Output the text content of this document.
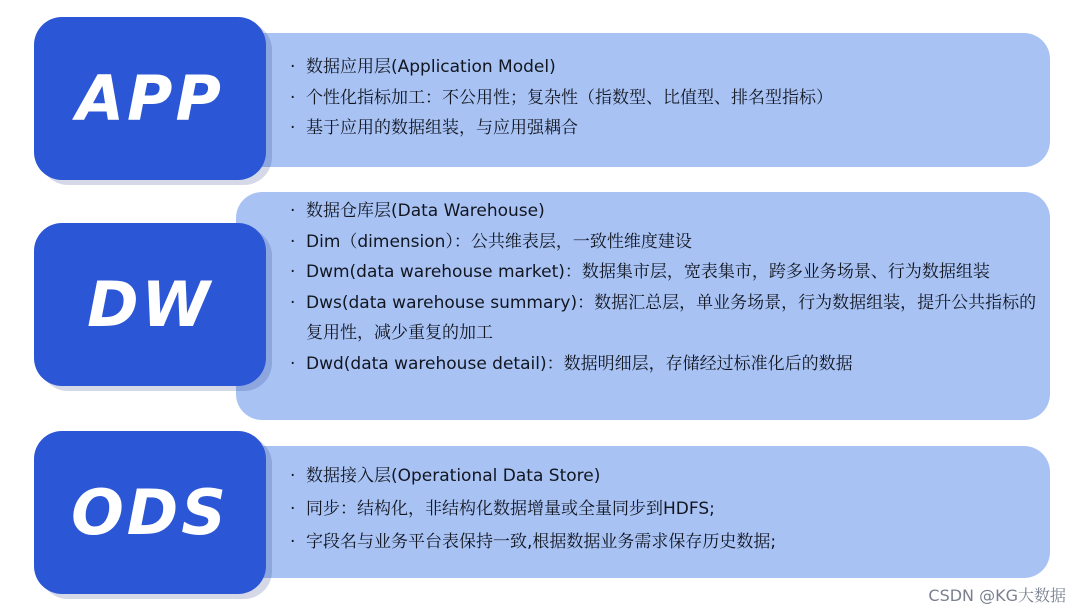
APP	· 数据应用层(Application Model)
· 个性化指标加工：不公用性；复杂性（指数型、比值型、排名型指标）
· 基于应用的数据组装，与应用强耦合
DW
· 数据仓库层(Data Warehouse)
· Dim（dimension）：公共维表层，一致性维度建设
· Dwm(data warehouse market)：数据集市层，宽表集市，跨多业务场景、行为数据组装
· Dws(data warehouse summary)：数据汇总层，单业务场景，行为数据组装，提升公共指标的复用性，减少重复的加工
· Dwd(data warehouse detail)：数据明细层，存储经过标准化后的数据
ODS	· 数据接入层(Operational Data Store)
· 同步：结构化，非结构化数据增量或全量同步到HDFS;
· 字段名与业务平台表保持一致,根据数据业务需求保存历史数据;
CSDN @KG大数据
